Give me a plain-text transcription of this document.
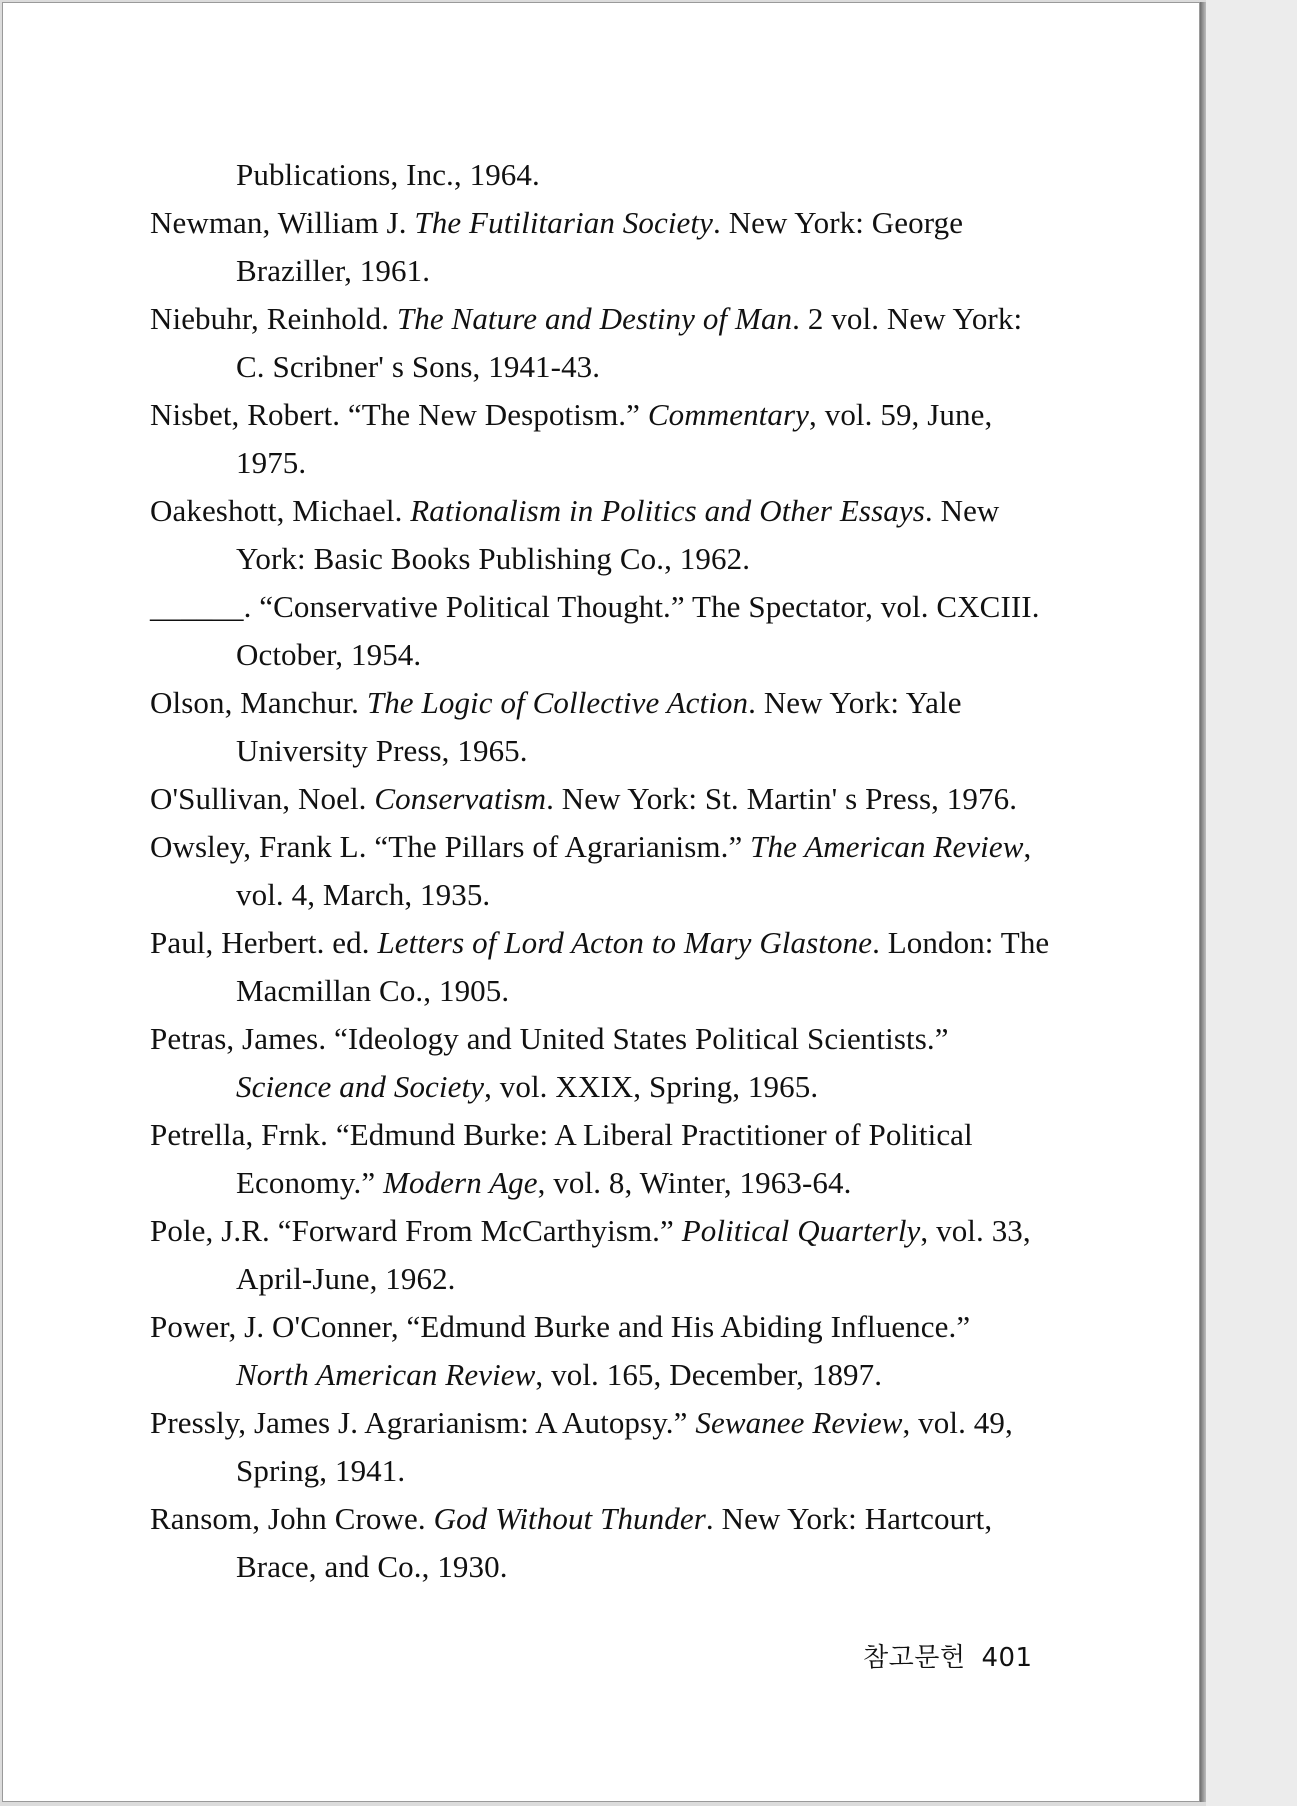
Publications, Inc., 1964.

Newman, William J. The Futilitarian Society. New York: George Braziller, 1961.

Niebuhr, Reinhold. The Nature and Destiny of Man. 2 vol. New York: C. Scribner' s Sons, 1941-43.

Nisbet, Robert. “The New Despotism.” Commentary, vol. 59, June, 1975.

Oakeshott, Michael. Rationalism in Politics and Other Essays. New York: Basic Books Publishing Co., 1962.

______. “Conservative Political Thought.” The Spectator, vol. CXCIII. October, 1954.

Olson, Manchur. The Logic of Collective Action. New York: Yale University Press, 1965.

O'Sullivan, Noel. Conservatism. New York: St. Martin' s Press, 1976.

Owsley, Frank L. “The Pillars of Agrarianism.” The American Review, vol. 4, March, 1935.

Paul, Herbert. ed. Letters of Lord Acton to Mary Glastone. London: The Macmillan Co., 1905.

Petras, James. “Ideology and United States Political Scientists.” Science and Society, vol. XXIX, Spring, 1965.

Petrella, Frnk. “Edmund Burke: A Liberal Practitioner of Political Economy.” Modern Age, vol. 8, Winter, 1963-64.

Pole, J.R. “Forward From McCarthyism.” Political Quarterly, vol. 33, April-June, 1962.

Power, J. O'Conner, “Edmund Burke and His Abiding Influence.” North American Review, vol. 165, December, 1897.

Pressly, James J. Agrarianism: A Autopsy.” Sewanee Review, vol. 49, Spring, 1941.

Ransom, John Crowe. God Without Thunder. New York: Hartcourt, Brace, and Co., 1930.

참고문헌 401
